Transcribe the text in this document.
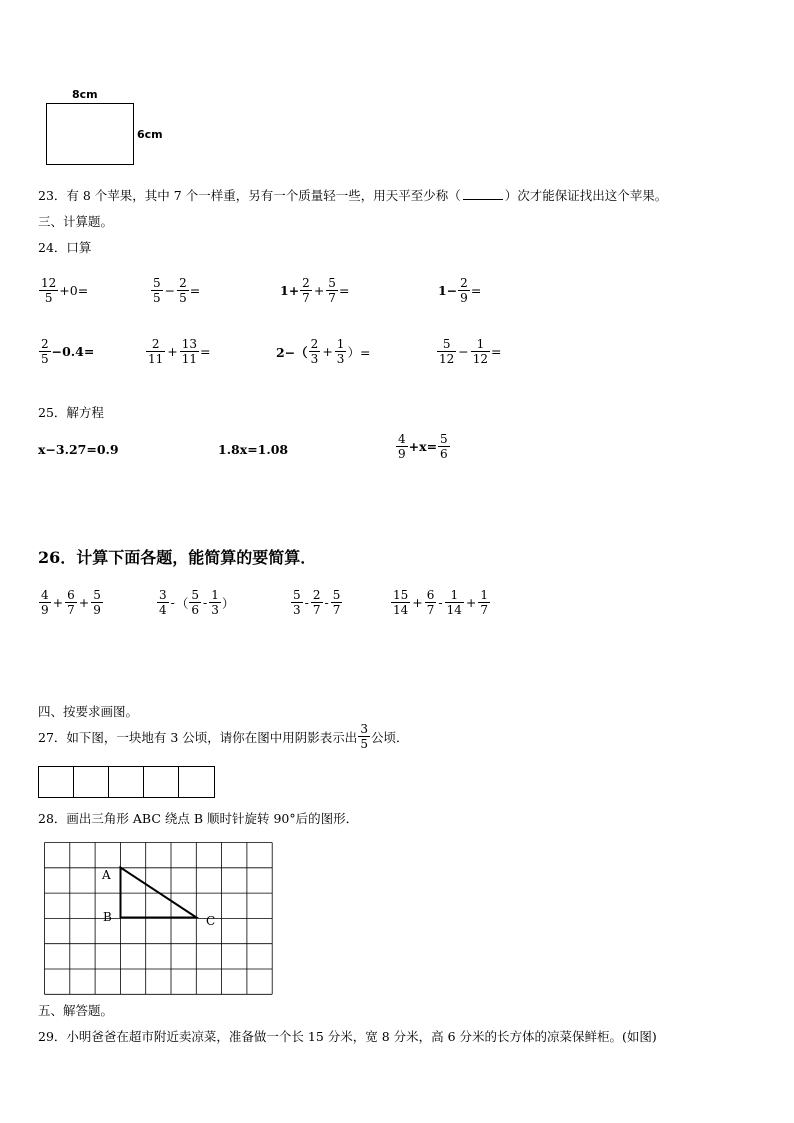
8cm
6cm
23．有 8 个苹果，其中 7 个一样重，另有一个质量轻一些，用天平至少称（	）次才能保证找出这个苹果。
三、计算题。
24．口算
$\frac{12}{5} +0=$	$\frac{5}{5} - \frac{2}{5}$ =	$1+ \frac{2}{7} + \frac{5}{7}$ =	$1- \frac{2}{9}$ =
$\frac{2}{5} -0.4=$	$\frac{2}{11} + \frac{13}{11}$ =	$2-( \frac{2}{3} + \frac{1}{3}$ ）=	$\frac{5}{12} - \frac{1}{12}$ =
25．解方程
x−3.27=0.9	1.8x=1.08	$\frac{4}{9} +x= \frac{5}{6}$
26．计算下面各题，能简算的要简算．
$\frac{4}{9} + \frac{6}{7} + \frac{5}{9}$	$\frac{3}{4}$ - （ $\frac{5}{6} - \frac{1}{3}$ ）	$\frac{5}{3} - \frac{2}{7} - \frac{5}{7}$	$\frac{15}{14} + \frac{6}{7} - \frac{1}{14} + \frac{1}{7}$
四、按要求画图。
27．如下图，一块地有 3 公顷，请你在图中用阴影表示出 $\frac{3}{5}$ 公顷．
28．画出三角形 ABC 绕点 B 顺时针旋转 90°后的图形．
A
B	C
五、解答题。
29．小明爸爸在超市附近卖凉菜，准备做一个长 15 分米，宽 8 分米，高 6 分米的长方体的凉菜保鲜柜。(如图)
